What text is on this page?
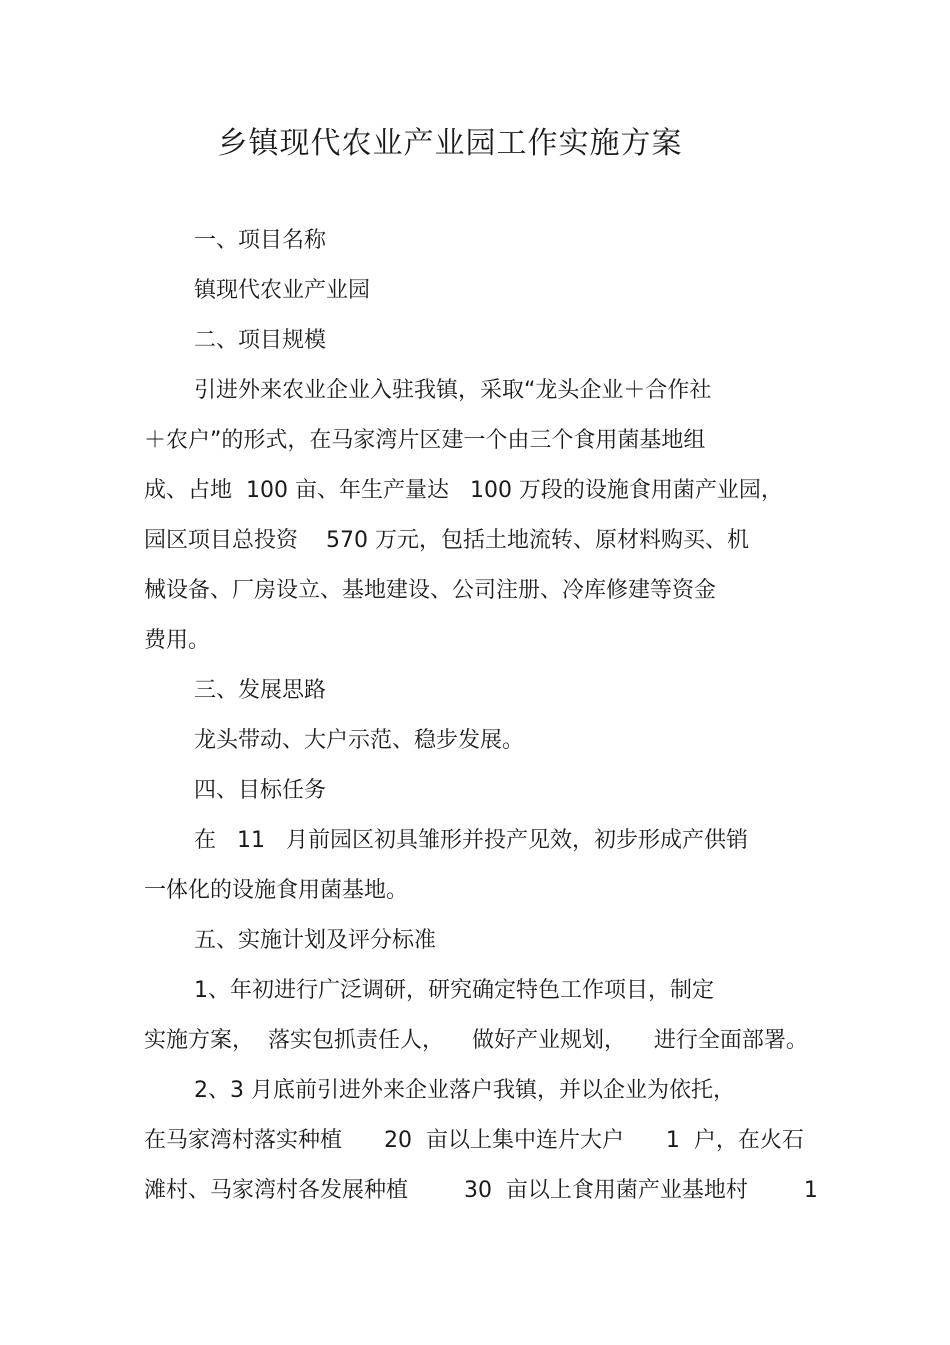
乡镇现代农业产业园工作实施方案
一、项目名称
镇现代农业产业园
二、项目规模
引进外来农业企业入驻我镇，采取“龙头企业＋合作社
＋农户”的形式，在马家湾片区建一个由三个食用菌基地组
成、占地  100 亩、年生产量达   100 万段的设施食用菌产业园，
园区项目总投资    570 万元，包括土地流转、原材料购买、机
械设备、厂房设立、基地建设、公司注册、冷库修建等资金
费用。
三、发展思路
龙头带动、大户示范、稳步发展。
四、目标任务
在   11   月前园区初具雏形并投产见效，初步形成产供销
一体化的设施食用菌基地。
五、实施计划及评分标准
1、年初进行广泛调研，研究确定特色工作项目，制定
实施方案，  落实包抓责任人，    做好产业规划，    进行全面部署。
2、3 月底前引进外来企业落户我镇，并以企业为依托，
在马家湾村落实种植      20  亩以上集中连片大户      1  户，在火石
滩村、马家湾村各发展种植        30  亩以上食用菌产业基地村        1
